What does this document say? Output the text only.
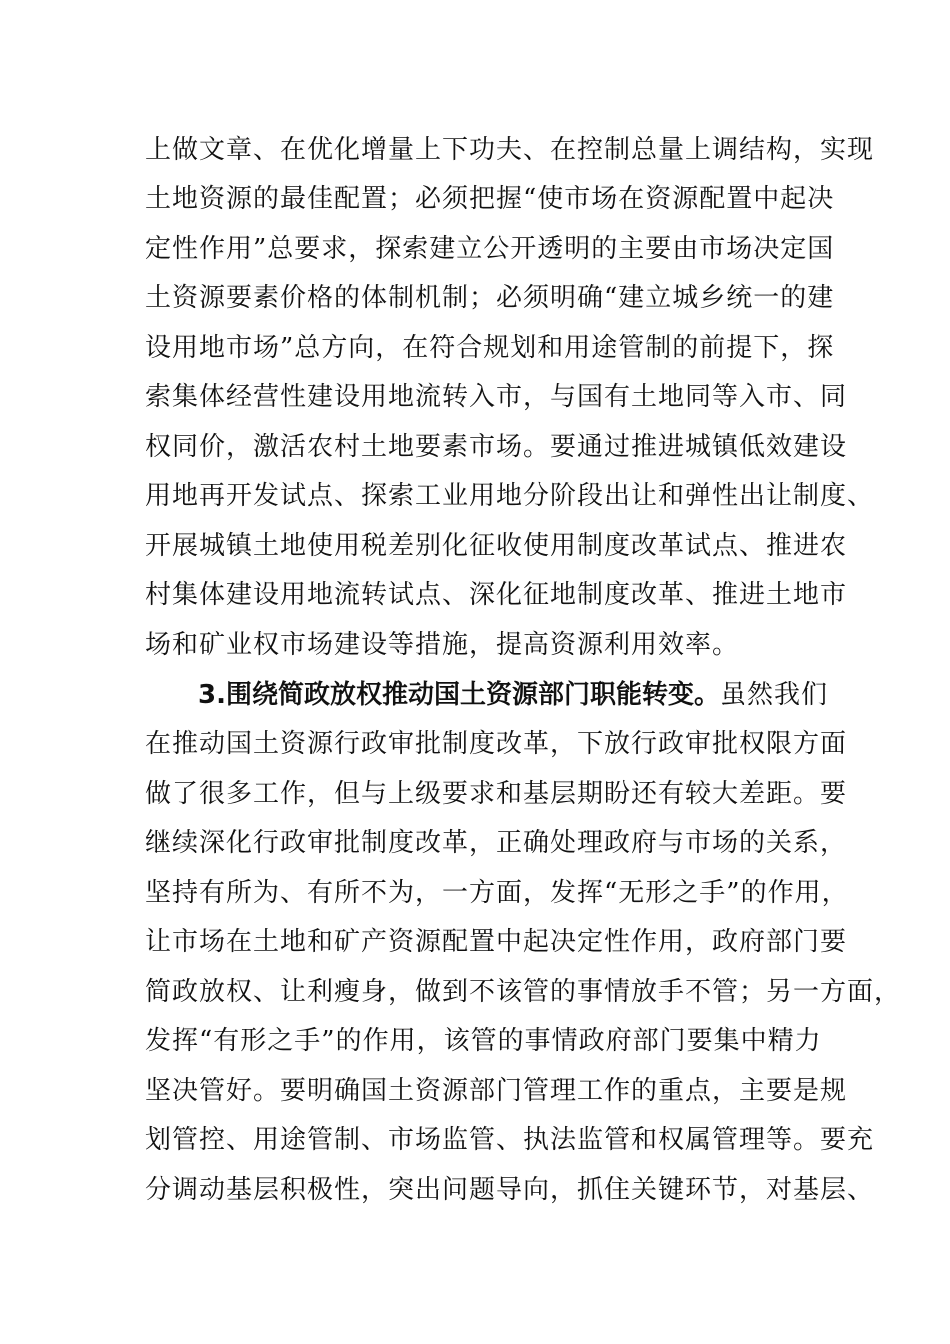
上做文章、在优化增量上下功夫、在控制总量上调结构，实现
土地资源的最佳配置；必须把握“使市场在资源配置中起决
定性作用”总要求，探索建立公开透明的主要由市场决定国
土资源要素价格的体制机制；必须明确“建立城乡统一的建
设用地市场”总方向，在符合规划和用途管制的前提下，探
索集体经营性建设用地流转入市，与国有土地同等入市、同
权同价，激活农村土地要素市场。要通过推进城镇低效建设
用地再开发试点、探索工业用地分阶段出让和弹性出让制度、
开展城镇土地使用税差别化征收使用制度改革试点、推进农
村集体建设用地流转试点、深化征地制度改革、推进土地市
场和矿业权市场建设等措施，提高资源利用效率。
3.围绕简政放权推动国土资源部门职能转变。虽然我们
在推动国土资源行政审批制度改革，下放行政审批权限方面
做了很多工作，但与上级要求和基层期盼还有较大差距。要
继续深化行政审批制度改革，正确处理政府与市场的关系，
坚持有所为、有所不为，一方面，发挥“无形之手”的作用，
让市场在土地和矿产资源配置中起决定性作用，政府部门要
简政放权、让利瘦身，做到不该管的事情放手不管；另一方面，
发挥“有形之手”的作用，该管的事情政府部门要集中精力
坚决管好。要明确国土资源部门管理工作的重点，主要是规
划管控、用途管制、市场监管、执法监管和权属管理等。要充
分调动基层积极性，突出问题导向，抓住关键环节，对基层、
